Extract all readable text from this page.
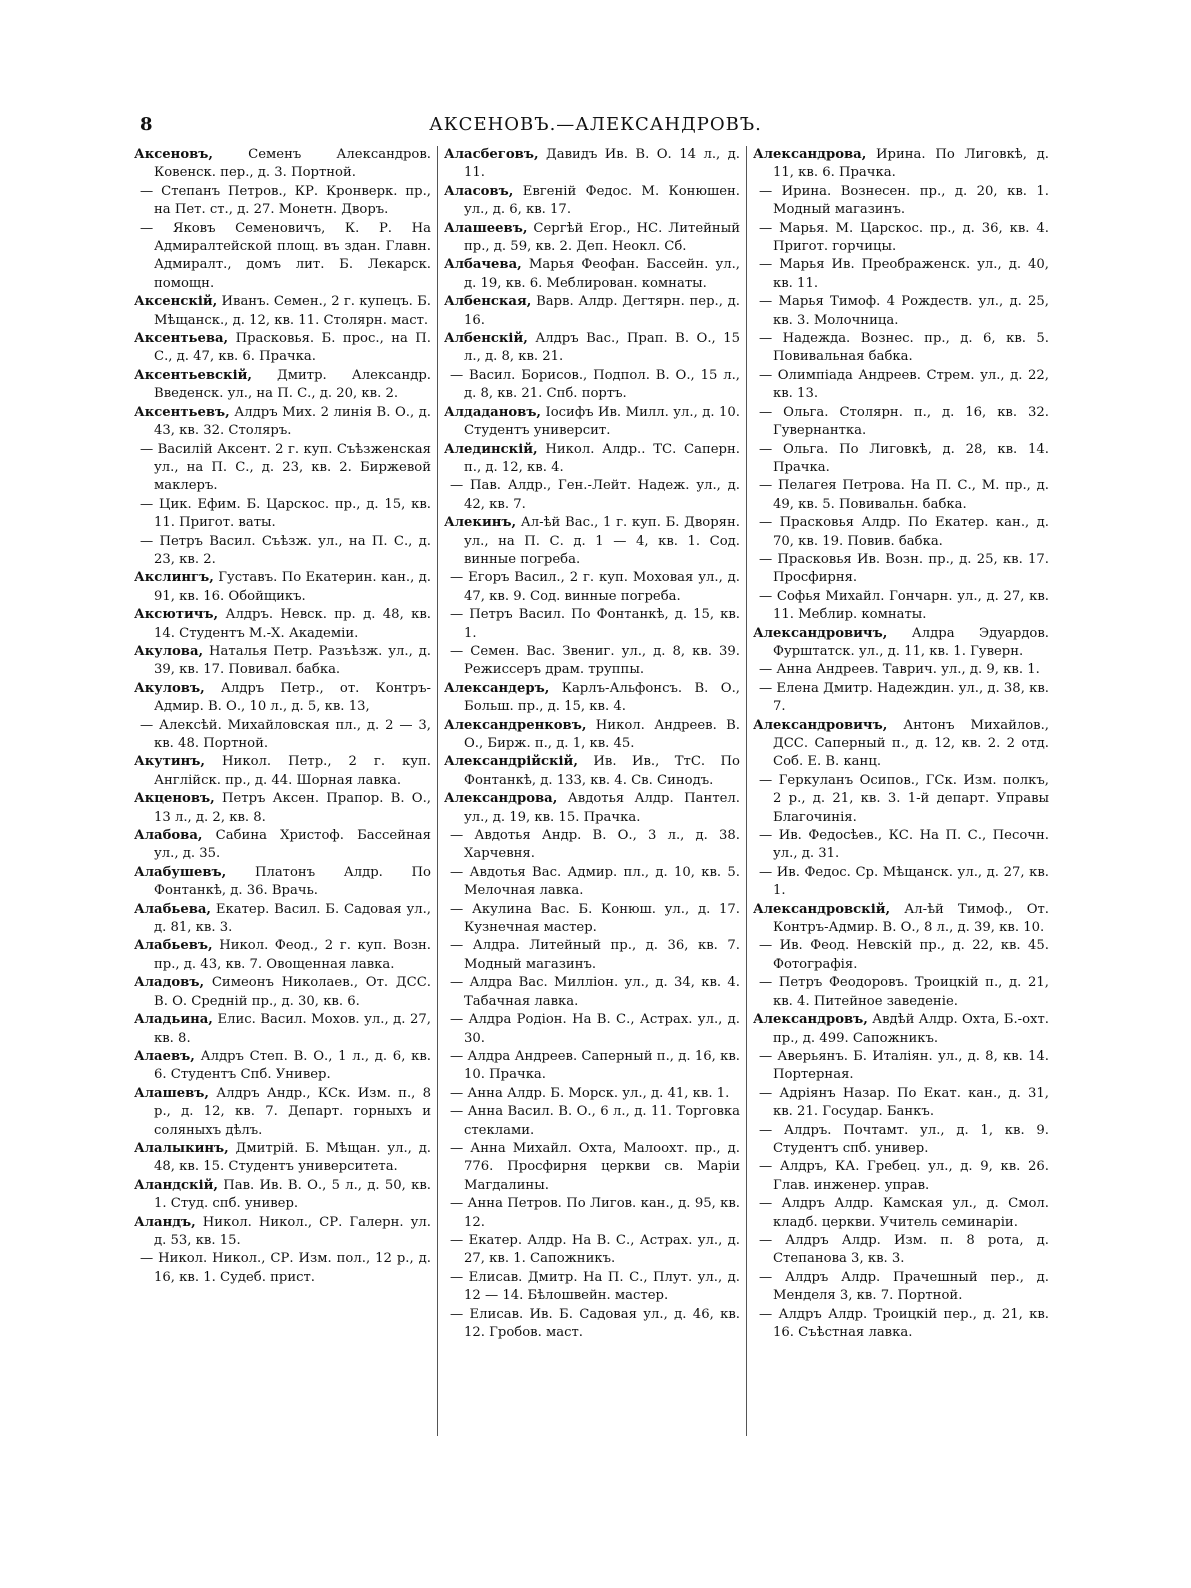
8	АКСЕНОВЪ.—АЛЕКСАНДРОВЪ.

Аксеновъ,	Семенъ Александров. Ковенск. пер., д. 3. Портной.

— Степанъ Петров., КР. Кронверк. пр., на Пет. ст., д. 27. Монетн. Дворъ.

— Яковъ Семеновичъ, К. Р. На Адмиралтейской площ. въ здан. Главн. Адмиралт., домъ лит. Б. Лекарск. помощн.

Аксенскій, Иванъ. Семен., 2 г. купецъ. Б. Мѣщанск., д. 12, кв. 11. Столярн. маст.

Аксентьева, Прасковья. Б. прос., на П. С., д. 47, кв. 6. Прачка.

Аксентьевскій, Дмитр. Александр. Введенск. ул., на П. С., д. 20, кв. 2.

Аксентьевъ, Алдръ Мих. 2 линія В. О., д. 43, кв. 32. Столяръ.

— Василій Аксент. 2 г. куп. Съѣзженская ул., на П. С., д. 23, кв. 2. Биржевой маклеръ.

— Цик. Ефим. Б. Царскос. пр., д. 15, кв. 11. Пригот. ваты.

— Петръ Васил. Съѣзж. ул., на П. С., д. 23, кв. 2.

Акслингъ, Густавъ. По Екатерин. кан., д. 91, кв. 16. Обойщикъ.

Аксютичъ, Алдръ. Невск. пр. д. 48, кв. 14. Студентъ М.-Х. Академіи.

Акулова, Наталья Петр. Разъѣзж. ул., д. 39, кв. 17. Повивал. бабка.

Акуловъ, Алдръ Петр., от. Контръ-Адмир. В. О., 10 л., д. 5, кв. 13,

— Алексѣй. Михайловская пл., д. 2 — 3, кв. 48. Портной.

Акутинъ, Никол. Петр., 2 г. куп. Англійск. пр., д. 44. Шорная лавка.

Акценовъ, Петръ Аксен. Прапор. В. О., 13 л., д. 2, кв. 8.

Алабова, Сабина Христоф. Бассейная ул., д. 35.

Алабушевъ, Платонъ Алдр. По Фонтанкѣ, д. 36. Врачь.

Алабьева, Екатер. Васил. Б. Садовая ул., д. 81, кв. 3.

Алабьевъ, Никол. Феод., 2 г. куп. Возн. пр., д. 43, кв. 7. Овощенная лавка.

Аладовъ, Симеонъ Николаев., От. ДСС. В. О. Средній пр., д. 30, кв. 6.

Аладьина, Елис. Васил. Мохов. ул., д. 27, кв. 8.

Алаевъ, Алдръ Степ. В. О., 1 л., д. 6, кв. 6. Студентъ Спб. Универ.

Алашевъ, Алдръ Андр., КСк. Изм. п., 8 р., д. 12, кв. 7. Департ. горныхъ и соляныхъ дѣлъ.

Алалыкинъ, Дмитрій. Б. Мѣщан. ул., д. 48, кв. 15. Студентъ университета.

Аландскій, Пав. Ив. В. О., 5 л., д. 50, кв. 1. Студ. спб. универ.

Аландъ, Никол. Никол., СР. Галерн. ул. д. 53, кв. 15.

— Никол. Никол., СР. Изм. пол., 12 р., д. 16, кв. 1. Судеб. прист.

Аласбеговъ, Давидъ Ив. В. О. 14 л., д. 11.

Аласовъ, Евгеній Федос. М. Конюшен. ул., д. 6, кв. 17.

Алашеевъ, Сергѣй Егор., НС. Литейный пр., д. 59, кв. 2. Деп. Неокл. Сб.

Албачева, Марья Феофан. Бассейн. ул., д. 19, кв. 6. Меблирован. комнаты.

Албенская, Варв. Алдр. Дегтярн. пер., д. 16.

Албенскій, Алдръ Вас., Прап. В. О., 15 л., д. 8, кв. 21.

— Васил. Борисов., Подпол. В. О., 15 л., д. 8, кв. 21. Спб. портъ.

Алдадановъ, Іосифъ Ив. Милл. ул., д. 10. Студентъ университ.

Алединскій, Никол. Алдр.. ТС. Саперн. п., д. 12, кв. 4.

— Пав. Алдр., Ген.-Лейт. Надеж. ул., д. 42, кв. 7.

Алекинъ, Ал-ѣй Вас., 1 г. куп. Б. Дворян. ул., на П. С. д. 1 — 4, кв. 1. Сод. винные погреба.

— Егоръ Васил., 2 г. куп. Моховая ул., д. 47, кв. 9. Сод. винные погреба.

— Петръ Васил. По Фонтанкѣ, д. 15, кв. 1.

— Семен. Вас. Звениг. ул., д. 8, кв. 39. Режиссеръ драм. труппы.

Александеръ, Карлъ-Альфонсъ. В. О., Больш. пр., д. 15, кв. 4.

Александренковъ, Никол. Андреев. В. О., Бирж. п., д. 1, кв. 45.

Александрійскій, Ив. Ив., ТтС. По Фонтанкѣ, д. 133, кв. 4. Св. Синодъ.

Александрова, Авдотья Алдр. Пантел. ул., д. 19, кв. 15. Прачка.

— Авдотья Андр. В. О., 3 л., д. 38. Харчевня.

— Авдотья Вас. Адмир. пл., д. 10, кв. 5. Мелочная лавка.

— Акулина Вас. Б. Конюш. ул., д. 17. Кузнечная мастер.

— Алдра. Литейный пр., д. 36, кв. 7. Модный магазинъ.

— Алдра Вас. Милліон. ул., д. 34, кв. 4. Табачная лавка.

— Алдра Родіон. На В. С., Астрах. ул., д. 30.

— Алдра Андреев. Саперный п., д. 16, кв. 10. Прачка.

— Анна Алдр. Б. Морск. ул., д. 41, кв. 1.

— Анна Васил. В. О., 6 л., д. 11. Торговка стеклами.

— Анна Михайл. Охта, Малоохт. пр., д. 776. Просфирня церкви св. Маріи Магдалины.

— Анна Петров. По Лигов. кан., д. 95, кв. 12.

— Екатер. Алдр. На В. С., Астрах. ул., д. 27, кв. 1. Сапожникъ.

— Елисав. Дмитр. На П. С., Плут. ул., д. 12 — 14. Бѣлошвейн. мастер.

— Елисав. Ив. Б. Садовая ул., д. 46, кв. 12. Гробов. маст.

Александрова, Ирина. По Лиговкѣ, д. 11, кв. 6. Прачка.

— Ирина. Вознесен. пр., д. 20, кв. 1. Модный магазинъ.

— Марья. М. Царскос. пр., д. 36, кв. 4. Пригот. горчицы.

— Марья Ив. Преображенск. ул., д. 40, кв. 11.

— Марья Тимоф. 4 Рождеств. ул., д. 25, кв. 3. Молочница.

— Надежда. Вознес. пр., д. 6, кв. 5. Повивальная бабка.

— Олимпіада Андреев. Стрем. ул., д. 22, кв. 13.

— Ольга. Столярн. п., д. 16, кв. 32. Гувернантка.

— Ольга. По Лиговкѣ, д. 28, кв. 14. Прачка.

— Пелагея Петрова. На П. С., М. пр., д. 49, кв. 5. Повивальн. бабка.

— Прасковья Алдр. По Екатер. кан., д. 70, кв. 19. Повив. бабка.

— Прасковья Ив. Возн. пр., д. 25, кв. 17. Просфирня.

— Софья Михайл. Гончарн. ул., д. 27, кв. 11. Меблир. комнаты.

Александровичъ, Алдра Эдуардов. Фурштатск. ул., д. 11, кв. 1. Гуверн.

— Анна Андреев. Таврич. ул., д. 9, кв. 1.

— Елена Дмитр. Надеждин. ул., д. 38, кв. 7.

Александровичъ, Антонъ Михайлов., ДСС. Саперный п., д. 12, кв. 2. 2 отд. Соб. Е. В. канц.

— Геркуланъ Осипов., ГСк. Изм. полкъ, 2 р., д. 21, кв. 3. 1-й департ. Управы Благочинія.

— Ив. Федосѣев., КС. На П. С., Песочн. ул., д. 31.

— Ив. Федос. Ср. Мѣщанск. ул., д. 27, кв. 1.

Александровскій, Ал-ѣй Тимоф., От. Контръ-Адмир. В. О., 8 л., д. 39, кв. 10.

— Ив. Феод. Невскій пр., д. 22, кв. 45. Фотографія.

— Петръ Феодоровъ. Троицкій п., д. 21, кв. 4. Питейное заведеніе.

Александровъ, Авдѣй Алдр. Охта, Б.-охт. пр., д. 499. Сапожникъ.

— Аверьянъ. Б. Италіян. ул., д. 8, кв. 14. Портерная.

— Адріянъ Назар. По Екат. кан., д. 31, кв. 21. Государ. Банкъ.

— Алдръ. Почтамт. ул., д. 1, кв. 9. Студентъ спб. универ.

— Алдръ, КА. Гребец. ул., д. 9, кв. 26. Глав. инженер. управ.

— Алдръ Алдр. Камская ул., д. Смол. кладб. церкви. Учитель семинаріи.

— Алдръ Алдр. Изм. п. 8 рота, д. Степанова 3, кв. 3.

— Алдръ Алдр. Прачешный пер., д. Менделя 3, кв. 7. Портной.

— Алдръ Алдр. Троицкій пер., д. 21, кв. 16. Съѣстная лавка.
